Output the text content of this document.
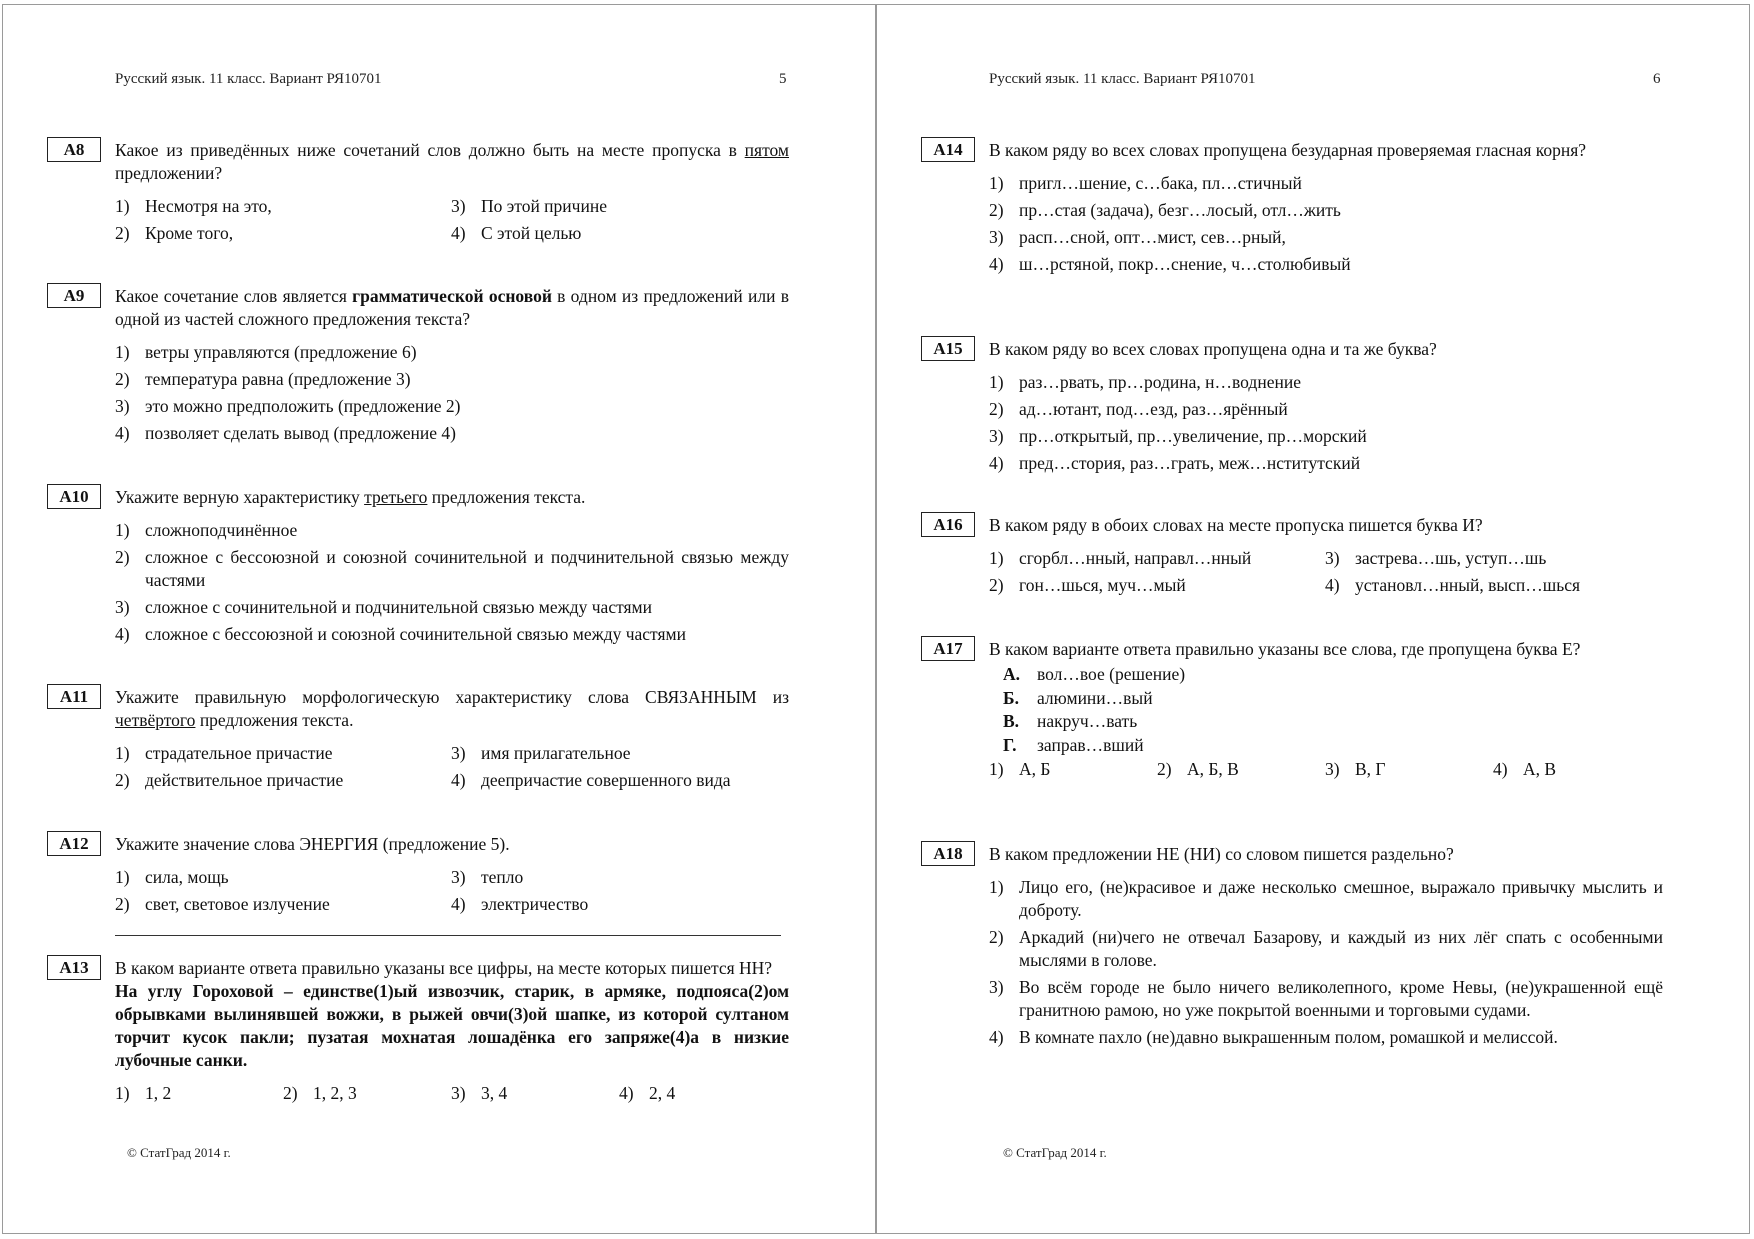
Русский язык. 11 класс. Вариант РЯ10701	5
А8	Какое из приведённых ниже сочетаний слов должно быть на месте пропуска в пятом предложении?

1) Несмотря на это,
2) Кроме того,
3) По этой причине
4) С этой целью
А9	Какое сочетание слов является грамматической основой в одном из предложений или в одной из частей сложного предложения текста?

1) ветры управляются (предложение 6)
2) температура равна (предложение 3)
3) это можно предположить (предложение 2)
4) позволяет сделать вывод (предложение 4)
А10	Укажите верную характеристику третьего предложения текста.

1) сложноподчинённое
2) сложное с бессоюзной и союзной сочинительной и подчинительной связью между частями
3) сложное с сочинительной и подчинительной связью между частями
4) сложное с бессоюзной и союзной сочинительной связью между частями
А11	Укажите правильную морфологическую характеристику слова СВЯЗАННЫМ из четвёртого предложения текста.

1) страдательное причастие
2) действительное причастие
3) имя прилагательное
4) деепричастие совершенного вида
А12	Укажите значение слова ЭНЕРГИЯ (предложение 5).

1) сила, мощь
2) свет, световое излучение
3) тепло
4) электричество
А13	В каком варианте ответа правильно указаны все цифры, на месте которых пишется НН?

На углу Гороховой – единстве(1)ый извозчик, старик, в армяке, подпояса(2)ом обрывками вылинявшей вожжи, в рыжей овчи(3)ой шапке, из которой султаном торчит кусок пакли; пузатая мохнатая лошадёнка его запряже(4)а в низкие лубочные санки.

1) 1, 2	2) 1, 2, 3	3) 3, 4	4) 2, 4
© СтатГрад 2014 г.
Русский язык. 11 класс. Вариант РЯ10701	6
А14	В каком ряду во всех словах пропущена безударная проверяемая гласная корня?

1) пригл…шение, с…бака, пл…стичный
2) пр…стая (задача), безг…лосый, отл…жить
3) расп…сной, опт…мист, сев…рный,
4) ш…рстяной, покр…снение, ч…столюбивый
А15	В каком ряду во всех словах пропущена одна и та же буква?

1) раз…рвать, пр…родина, н…воднение
2) ад…ютант, под…езд, раз…ярённый
3) пр…открытый, пр…увеличение, пр…морский
4) пред…стория, раз…грать, меж…нститутский
А16	В каком ряду в обоих словах на месте пропуска пишется буква И?

1) сгорбл…нный, направл…нный
2) гон…шься, муч…мый
3) застрева…шь, уступ…шь
4) установл…нный, высп…шься
А17	В каком варианте ответа правильно указаны все слова, где пропущена буква Е?

А. вол…вое (решение)
Б. алюмини…вый
В. накруч…вать
Г. заправ…вший
1) А, Б	2) А, Б, В	3) В, Г	4) А, В
А18	В каком предложении НЕ (НИ) со словом пишется раздельно?

1) Лицо его, (не)красивое и даже несколько смешное, выражало привычку мыслить и доброту.
2) Аркадий (ни)чего не отвечал Базарову, и каждый из них лёг спать с особенными мыслями в голове.
3) Во всём городе не было ничего великолепного, кроме Невы, (не)украшенной ещё гранитною рамою, но уже покрытой военными и торговыми судами.
4) В комнате пахло (не)давно выкрашенным полом, ромашкой и мелиссой.
© СтатГрад 2014 г.
